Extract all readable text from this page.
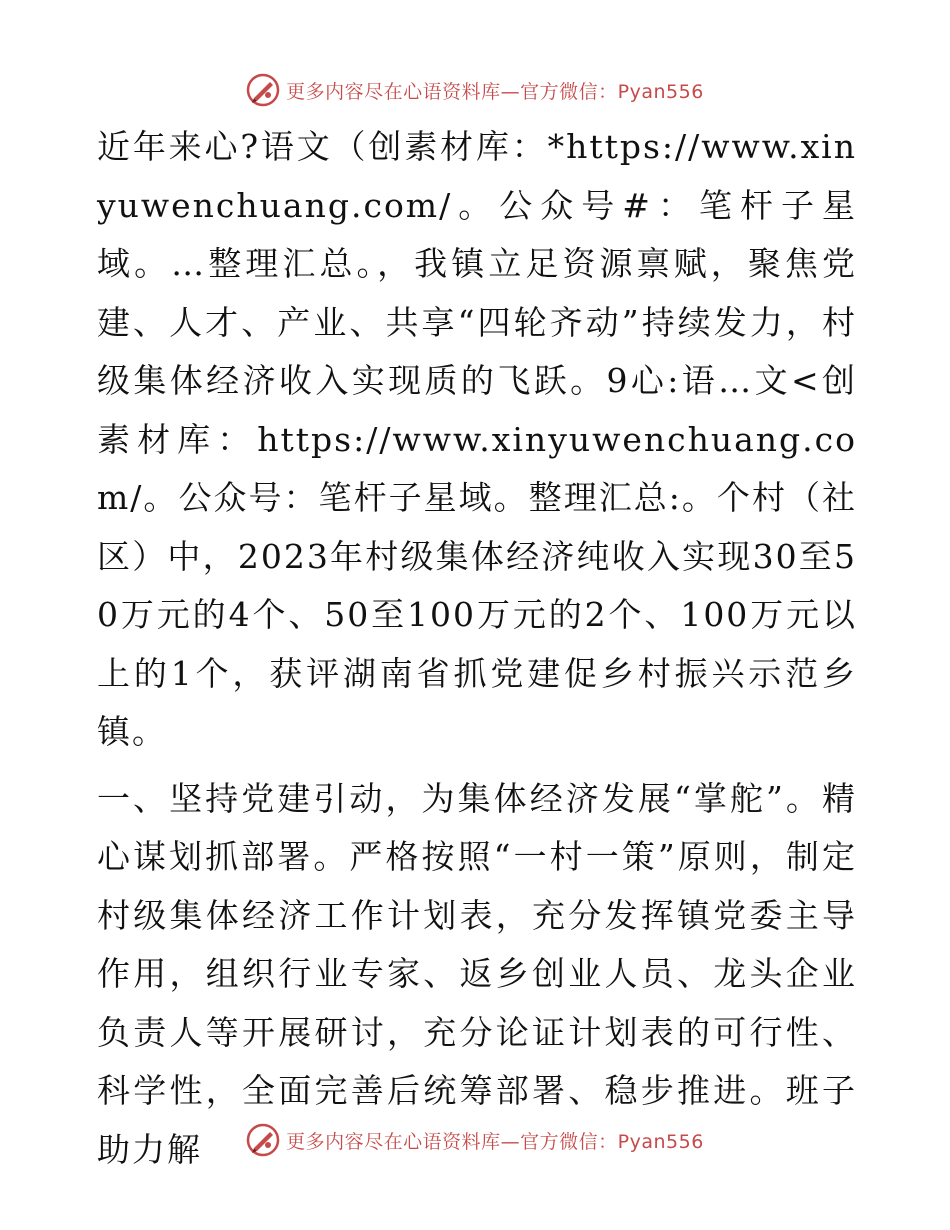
更多内容尽在心语资料库—官方微信：Pyan556

近年来心?语文（创素材库：*https://www.xinyuwenchuang.com/。公众号#：笔杆子星域。…整理汇总。，我镇立足资源禀赋，聚焦党建、人才、产业、共享“四轮齐动”持续发力，村级集体经济收入实现质的飞跃。9心:语…文<创素材库：https://www.xinyuwenchuang.com/。公众号：笔杆子星域。整理汇总:。个村（社区）中，2023年村级集体经济纯收入实现30至50万元的4个、50至100万元的2个、100万元以上的1个，获评湖南省抓党建促乡村振兴示范乡镇。

一、坚持党建引动，为集体经济发展“掌舵”。精心谋划抓部署。严格按照“一村一策”原则，制定村级集体经济工作计划表，充分发挥镇党委主导作用，组织行业专家、返乡创业人员、龙头企业负责人等开展研讨，充分论证计划表的可行性、科学性，全面完善后统筹部署、稳步推进。班子助力解	更多内容尽在心语资料库—官方微信：Pyan556
